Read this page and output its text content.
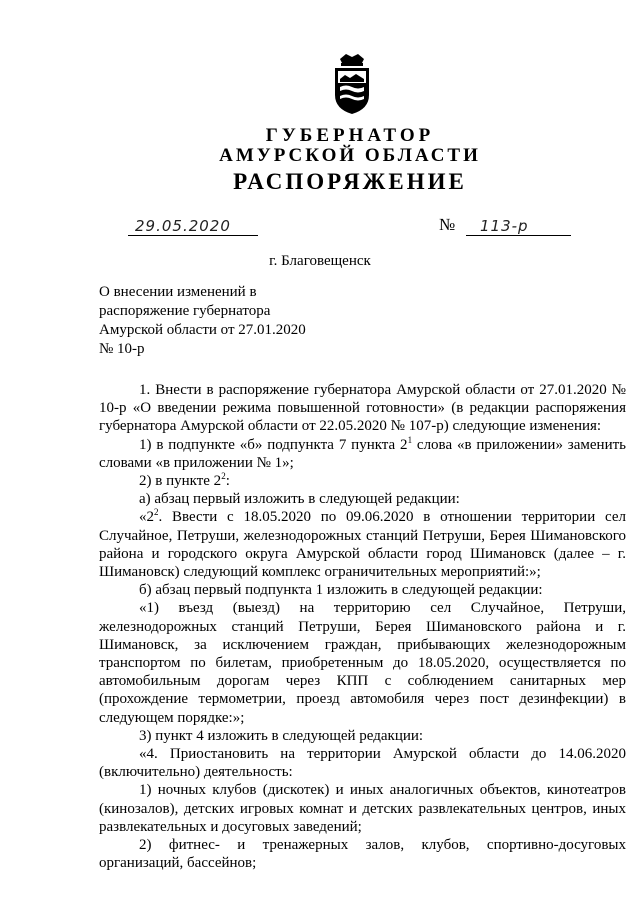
ГУБЕРНАТОР
АМУРСКОЙ ОБЛАСТИ
РАСПОРЯЖЕНИЕ
29.05.2020	№ 113-р
г. Благовещенск
О внесении изменений в
распоряжение губернатора
Амурской области от 27.01.2020
№ 10-р

1. Внести в распоряжение губернатора Амурской области от 27.01.2020 № 10-р «О введении режима повышенной готовности» (в редакции распоряжения губернатора Амурской области от 22.05.2020 № 107-р) следующие изменения:

1) в подпункте «б» подпункта 7 пункта $2^1$ слова «в приложении» заменить словами «в приложении № 1»;

2) в пункте $2^2$:

а) абзац первый изложить в следующей редакции:

«$2^2$. Ввести с 18.05.2020 по 09.06.2020 в отношении территории сел Случайное, Петруши, железнодорожных станций Петруши, Берея Шимановского района и городского округа Амурской области город Шимановск (далее – г. Шимановск) следующий комплекс ограничительных мероприятий:»;

б) абзац первый подпункта 1 изложить в следующей редакции:

«1) въезд (выезд) на территорию сел Случайное, Петруши, железнодорожных станций Петруши, Берея Шимановского района и г. Шимановск, за исключением граждан, прибывающих железнодорожным транспортом по билетам, приобретенным до 18.05.2020, осуществляется по автомобильным дорогам через КПП с соблюдением санитарных мер (прохождение термометрии, проезд автомобиля через пост дезинфекции) в следующем порядке:»;

3) пункт 4 изложить в следующей редакции:

«4. Приостановить на территории Амурской области до 14.06.2020 (включительно) деятельность:

1) ночных клубов (дискотек) и иных аналогичных объектов, кинотеатров (кинозалов), детских игровых комнат и детских развлекательных центров, иных развлекательных и досуговых заведений;

2) фитнес- и тренажерных залов, клубов, спортивно-досуговых организаций, бассейнов;
